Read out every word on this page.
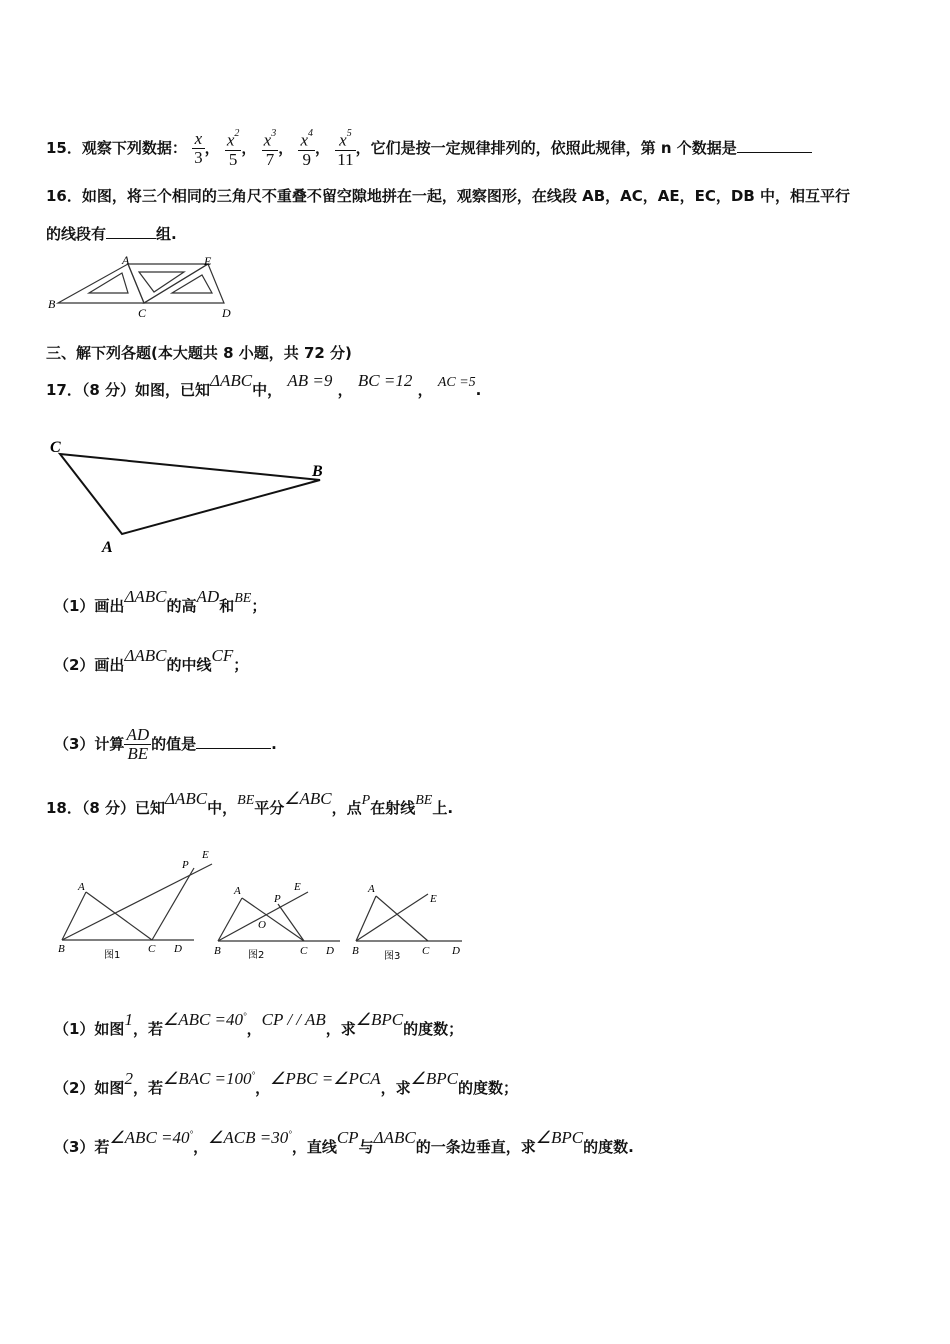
15．观察下列数据： $\frac{x}{3}$ ， $\frac{x^2}{5}$ ， $\frac{x^3}{7}$ ， $\frac{x^4}{9}$ ， $\frac{x^5}{11}$ ，它们是按一定规律排列的，依照此规律，第 n 个数据是
16．如图，将三个相同的三角尺不重叠不留空隙地拼在一起，观察图形，在线段 AB，AC，AE，EC，DB 中，相互平行
的线段有	组.
A	E
B
C	D
三、解下列各题(本大题共 8 小题，共 72 分)
17．（8 分）如图，已知ΔABC中， AB =9 ， BC =12 ， AC =5.
C
B
A
（1）画出ΔABC的高AD和BE；
（2）画出ΔABC的中线CF；
（3）计算 $\frac{AD}{BE}$ 的值是	.
18．（8 分）已知ΔABC中，BE平分∠ABC，点P在射线BE上.
A
P
E
B	C D
图1
A
P
E
O
B	C D
图2
A
E
B	C D
图3
（1）如图1，若∠ABC =40°，CP / / AB，求∠BPC的度数；
（2）如图2，若∠BAC =100°，∠PBC =∠PCA，求∠BPC的度数；
（3）若∠ABC =40°，∠ACB =30°，直线CP与ΔABC的一条边垂直，求∠BPC的度数.
